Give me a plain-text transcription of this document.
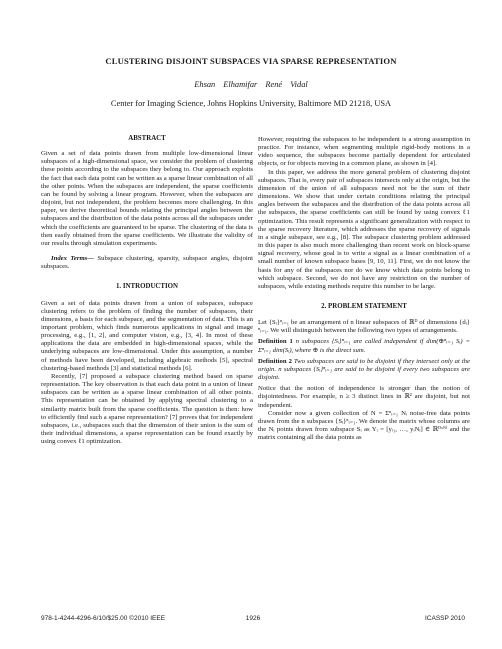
CLUSTERING DISJOINT SUBSPACES VIA SPARSE REPRESENTATION
Ehsan Elhamifar René Vidal
Center for Imaging Science, Johns Hopkins University, Baltimore MD 21218, USA

ABSTRACT

Given a set of data points drawn from multiple low-dimensional linear subspaces of a high-dimensional space, we consider the problem of clustering these points according to the subspaces they belong to. Our approach exploits the fact that each data point can be written as a sparse linear combination of all the other points. When the subspaces are independent, the sparse coefficients can be found by solving a linear program. However, when the subspaces are disjoint, but not independent, the problem becomes more challenging. In this paper, we derive theoretical bounds relating the principal angles between the subspaces and the distribution of the data points across all the subspaces under which the coefficients are guaranteed to be sparse. The clustering of the data is then easily obtained from the sparse coefficients. We illustrate the validity of our results through simulation experiments.

Index Terms— Subspace clustering, sparsity, subspace angles, disjoint subspaces.

1. INTRODUCTION

Given a set of data points drawn from a union of subspaces, subspace clustering refers to the problem of finding the number of subspaces, their dimensions, a basis for each subspace, and the segmentation of data. This is an important problem, which finds numerous applications in signal and image processing, e.g., [1, 2], and computer vision, e.g., [3, 4]. In most of these applications the data are embedded in high-dimensional spaces, while the underlying subspaces are low-dimensional. Under this assumption, a number of methods have been developed, including algebraic methods [5], spectral clustering-based methods [3] and statistical methods [6].

Recently, [7] proposed a subspace clustering method based on sparse representation. The key observation is that each data point in a union of linear subspaces can be written as a sparse linear combination of all other points. This representation can be obtained by applying spectral clustering to a similarity matrix built from the sparse coefficients. The question is then: how to efficiently find such a sparse representation? [7] proves that for independent subspaces, i.e., subspaces such that the dimension of their union is the sum of their individual dimensions, a sparse representation can be found exactly by using convex ℓ1 optimization.

However, requiring the subspaces to be independent is a strong assumption in practice. For instance, when segmenting multiple rigid-body motions in a video sequence, the subspaces become partially dependent for articulated objects, or for objects moving in a common plane, as shown in [4].

In this paper, we address the more general problem of clustering disjoint subspaces. That is, every pair of subspaces intersects only at the origin, but the dimension of the union of all subspaces need not be the sum of their dimensions. We show that under certain conditions relating the principal angles between the subspaces and the distribution of the data points across all the subspaces, the sparse coefficients can still be found by using convex ℓ1 optimization. This result represents a significant generalization with respect to the sparse recovery literature, which addresses the sparse recovery of signals in a single subspace, see e.g., [8]. The subspace clustering problem addressed in this paper is also much more challenging than recent work on block-sparse signal recovery, whose goal is to write a signal as a linear combination of a small number of known subspace bases [9, 10, 11]. First, we do not know the basis for any of the subspaces nor do we know which data points belong to which subspace. Second, we do not have any restriction on the number of subspaces, while existing methods require this number to be large.

2. PROBLEM STATEMENT

Let {Sᵢ}ⁿᵢ₌₁ be an arrangement of n linear subspaces of ℝᴰ of dimensions {dᵢ}ⁿᵢ₌₁. We will distinguish between the following two types of arrangements.

Definition 1 n subspaces {Sᵢ}ⁿᵢ₌₁ are called independent if dim(⊕ⁿᵢ₌₁ Sᵢ) = Σⁿᵢ₌₁ dim(Sᵢ), where ⊕ is the direct sum.

Definition 2 Two subspaces are said to be disjoint if they intersect only at the origin. n subspaces {Sᵢ}ⁿᵢ₌₁ are said to be disjoint if every two subspaces are disjoint.

Notice that the notion of independence is stronger than the notion of disjointedness. For example, n ≥ 3 distinct lines in ℝ² are disjoint, but not independent.

Consider now a given collection of N = Σⁿᵢ₌₁ Nᵢ noise-free data points drawn from the n subspaces {Sᵢ}ⁿᵢ₌₁. We denote the matrix whose columns are the Nᵢ points drawn from subspace Sᵢ as Yᵢ = [yᵢ₁, …, yᵢNᵢ] ∈ ℝᴰˣᴺⁱ and the matrix containing all the data points as

978-1-4244-4296-6/10/$25.00 ©2010 IEEE	1926	ICASSP 2010
